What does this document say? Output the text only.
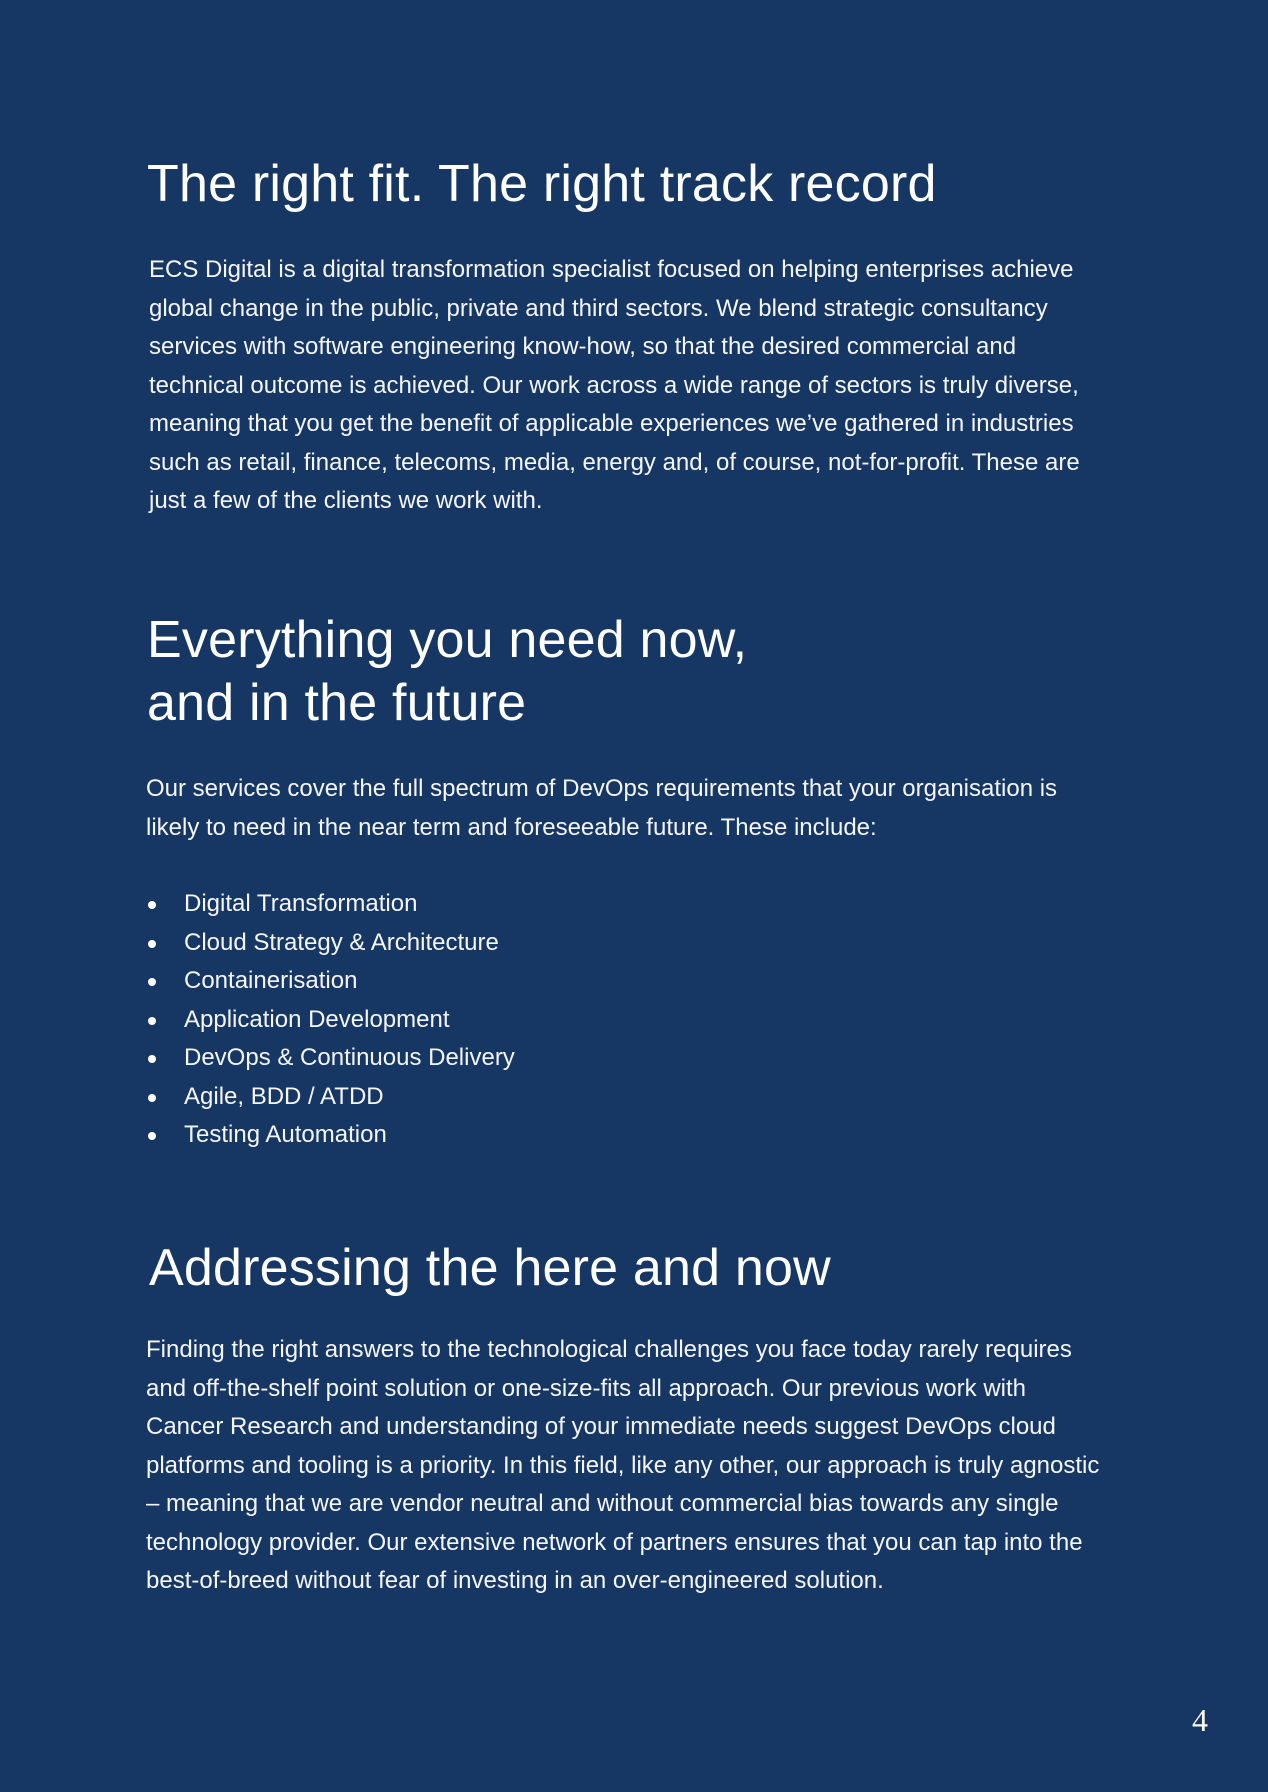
The right fit. The right track record

ECS Digital is a digital transformation specialist focused on helping enterprises achieve global change in the public, private and third sectors. We blend strategic consultancy services with software engineering know-how, so that the desired commercial and technical outcome is achieved. Our work across a wide range of sectors is truly diverse, meaning that you get the benefit of applicable experiences we’ve gathered in industries such as retail, finance, telecoms, media, energy and, of course, not-for-profit. These are just a few of the clients we work with.

Everything you need now,
and in the future

Our services cover the full spectrum of DevOps requirements that your organisation is likely to need in the near term and foreseeable future. These include:

Digital Transformation
Cloud Strategy & Architecture
Containerisation
Application Development
DevOps & Continuous Delivery
Agile, BDD / ATDD
Testing Automation
Addressing the here and now

Finding the right answers to the technological challenges you face today rarely requires and off-the-shelf point solution or one-size-fits all approach. Our previous work with Cancer Research and understanding of your immediate needs suggest DevOps cloud platforms and tooling is a priority. In this field, like any other, our approach is truly agnostic – meaning that we are vendor neutral and without commercial bias towards any single technology provider. Our extensive network of partners ensures that you can tap into the best-of-breed without fear of investing in an over-engineered solution.

4
